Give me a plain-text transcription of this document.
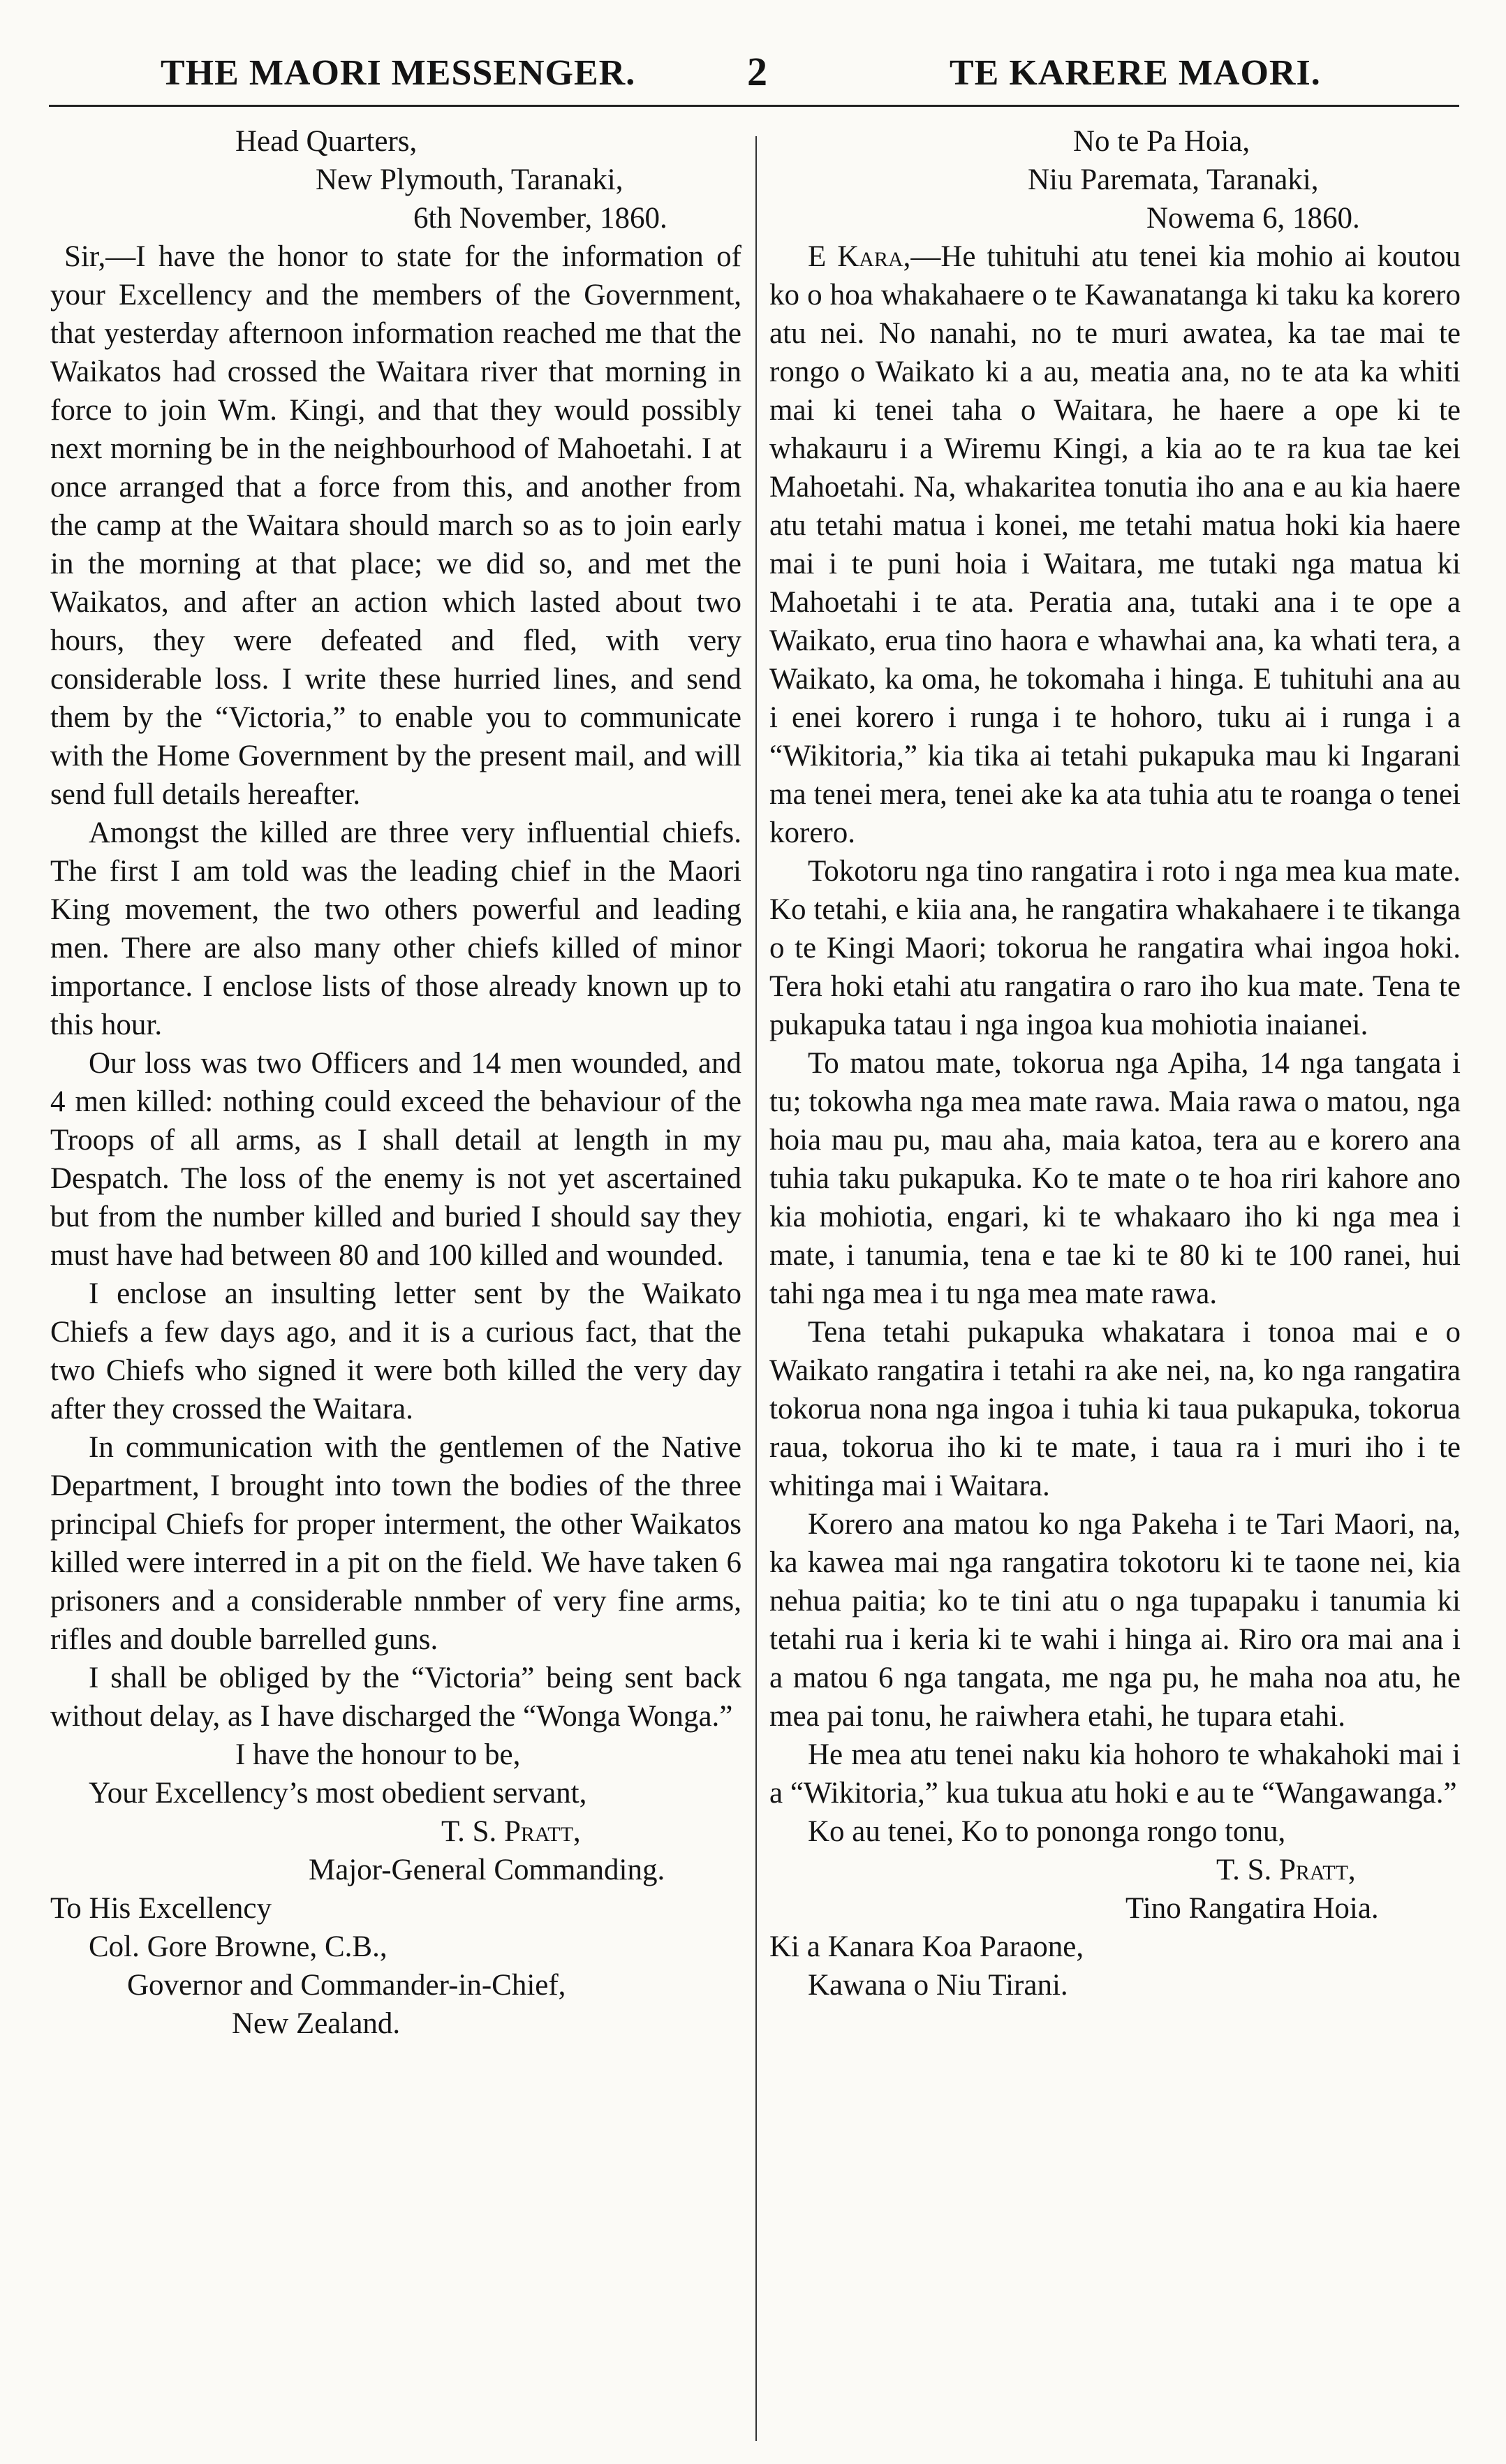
THE MAORI MESSENGER.	2	TE KARERE MAORI.
Head Quarters,
New Plymouth, Taranaki,
6th November, 1860.

Sir,—I have the honor to state for the information of your Excellency and the members of the Government, that yesterday afternoon information reached me that the Waikatos had crossed the Waitara river that morning in force to join Wm. Kingi, and that they would possibly next morning be in the neighbourhood of Mahoetahi. I at once arranged that a force from this, and another from the camp at the Waitara should march so as to join early in the morning at that place; we did so, and met the Waikatos, and after an action which lasted about two hours, they were defeated and fled, with very considerable loss. I write these hurried lines, and send them by the “Victoria,” to enable you to communicate with the Home Government by the present mail, and will send full details hereafter.

Amongst the killed are three very influential chiefs. The first I am told was the leading chief in the Maori King movement, the two others powerful and leading men. There are also many other chiefs killed of minor importance. I enclose lists of those already known up to this hour.

Our loss was two Officers and 14 men wounded, and 4 men killed: nothing could exceed the behaviour of the Troops of all arms, as I shall detail at length in my Despatch. The loss of the enemy is not yet ascertained but from the number killed and buried I should say they must have had between 80 and 100 killed and wounded.

I enclose an insulting letter sent by the Waikato Chiefs a few days ago, and it is a curious fact, that the two Chiefs who signed it were both killed the very day after they crossed the Waitara.

In communication with the gentlemen of the Native Department, I brought into town the bodies of the three principal Chiefs for proper interment, the other Waikatos killed were interred in a pit on the field. We have taken 6 prisoners and a considerable nnmber of very fine arms, rifles and double barrelled guns.

I shall be obliged by the “Victoria” being sent back without delay, as I have discharged the “Wonga Wonga.”

I have the honour to be,
Your Excellency’s most obedient servant,
T. S. Pratt,
Major-General Commanding.
To His Excellency
Col. Gore Browne, C.B.,
Governor and Commander-in-Chief,
New Zealand.
No te Pa Hoia,
Niu Paremata, Taranaki,
Nowema 6, 1860.

E Kara,—He tuhituhi atu tenei kia mohio ai koutou ko o hoa whakahaere o te Kawanatanga ki taku ka korero atu nei. No nanahi, no te muri awatea, ka tae mai te rongo o Waikato ki a au, meatia ana, no te ata ka whiti mai ki tenei taha o Waitara, he haere a ope ki te whakauru i a Wiremu Kingi, a kia ao te ra kua tae kei Mahoetahi. Na, whakaritea tonutia iho ana e au kia haere atu tetahi matua i konei, me tetahi matua hoki kia haere mai i te puni hoia i Waitara, me tutaki nga matua ki Mahoetahi i te ata. Peratia ana, tutaki ana i te ope a Waikato, erua tino haora e whawhai ana, ka whati tera, a Waikato, ka oma, he tokomaha i hinga. E tuhituhi ana au i enei korero i runga i te hohoro, tuku ai i runga i a “Wikitoria,” kia tika ai tetahi pukapuka mau ki Ingarani ma tenei mera, tenei ake ka ata tuhia atu te roanga o tenei korero.

Tokotoru nga tino rangatira i roto i nga mea kua mate. Ko tetahi, e kiia ana, he rangatira whakahaere i te tikanga o te Kingi Maori; tokorua he rangatira whai ingoa hoki. Tera hoki etahi atu rangatira o raro iho kua mate. Tena te pukapuka tatau i nga ingoa kua mohiotia inaianei.

To matou mate, tokorua nga Apiha, 14 nga tangata i tu; tokowha nga mea mate rawa. Maia rawa o matou, nga hoia mau pu, mau aha, maia katoa, tera au e korero ana tuhia taku pukapuka. Ko te mate o te hoa riri kahore ano kia mohiotia, engari, ki te whakaaro iho ki nga mea i mate, i tanumia, tena e tae ki te 80 ki te 100 ranei, hui tahi nga mea i tu nga mea mate rawa.

Tena tetahi pukapuka whakatara i tonoa mai e o Waikato rangatira i tetahi ra ake nei, na, ko nga rangatira tokorua nona nga ingoa i tuhia ki taua pukapuka, tokorua raua, tokorua iho ki te mate, i taua ra i muri iho i te whitinga mai i Waitara.

Korero ana matou ko nga Pakeha i te Tari Maori, na, ka kawea mai nga rangatira tokotoru ki te taone nei, kia nehua paitia; ko te tini atu o nga tupapaku i tanumia ki tetahi rua i keria ki te wahi i hinga ai. Riro ora mai ana i a matou 6 nga tangata, me nga pu, he maha noa atu, he mea pai tonu, he raiwhera etahi, he tupara etahi.

He mea atu tenei naku kia hohoro te whakahoki mai i a “Wikitoria,” kua tukua atu hoki e au te “Wangawanga.”

Ko au tenei, Ko to pononga rongo tonu,
T. S. Pratt,
Tino Rangatira Hoia.
Ki a Kanara Koa Paraone,
Kawana o Niu Tirani.
